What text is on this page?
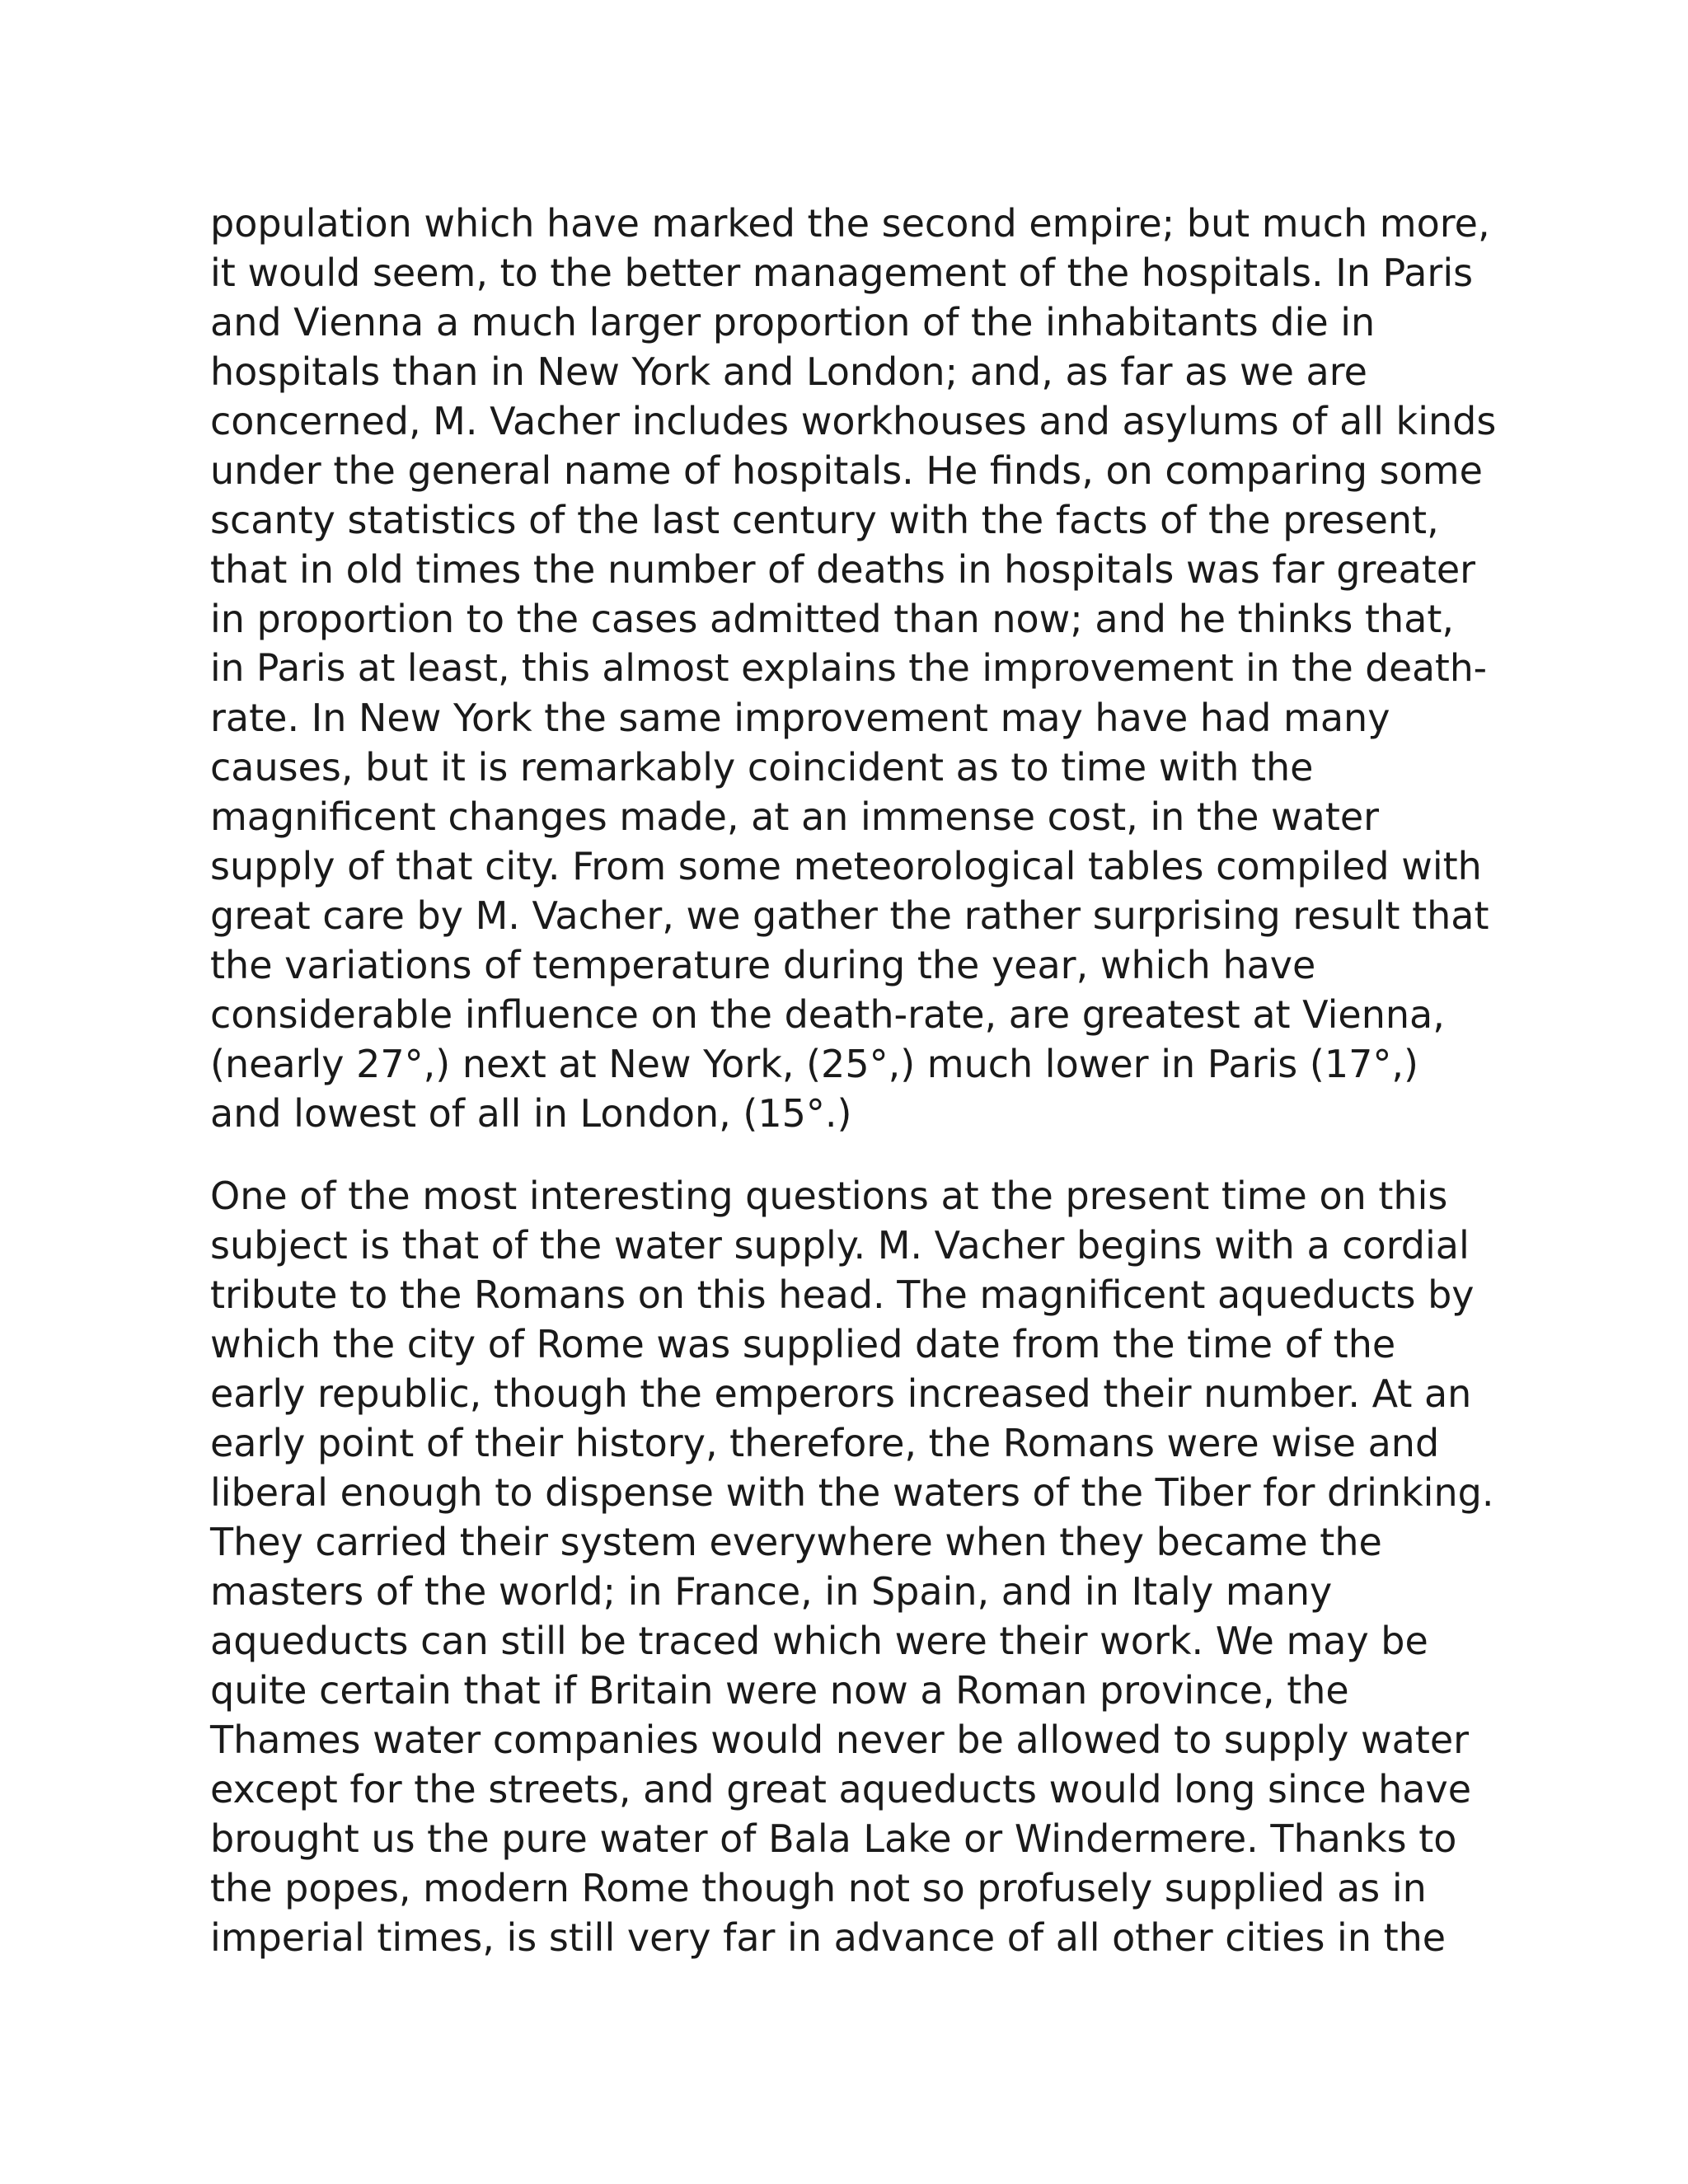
population which have marked the second empire; but much more,
it would seem, to the better management of the hospitals. In Paris
and Vienna a much larger proportion of the inhabitants die in
hospitals than in New York and London; and, as far as we are
concerned, M. Vacher includes workhouses and asylums of all kinds
under the general name of hospitals. He finds, on comparing some
scanty statistics of the last century with the facts of the present,
that in old times the number of deaths in hospitals was far greater
in proportion to the cases admitted than now; and he thinks that,
in Paris at least, this almost explains the improvement in the death-
rate. In New York the same improvement may have had many
causes, but it is remarkably coincident as to time with the
magnificent changes made, at an immense cost, in the water
supply of that city. From some meteorological tables compiled with
great care by M. Vacher, we gather the rather surprising result that
the variations of temperature during the year, which have
considerable influence on the death-rate, are greatest at Vienna,
(nearly 27°,) next at New York, (25°,) much lower in Paris (17°,)
and lowest of all in London, (15°.)
One of the most interesting questions at the present time on this
subject is that of the water supply. M. Vacher begins with a cordial
tribute to the Romans on this head. The magnificent aqueducts by
which the city of Rome was supplied date from the time of the
early republic, though the emperors increased their number. At an
early point of their history, therefore, the Romans were wise and
liberal enough to dispense with the waters of the Tiber for drinking.
They carried their system everywhere when they became the
masters of the world; in France, in Spain, and in Italy many
aqueducts can still be traced which were their work. We may be
quite certain that if Britain were now a Roman province, the
Thames water companies would never be allowed to supply water
except for the streets, and great aqueducts would long since have
brought us the pure water of Bala Lake or Windermere. Thanks to
the popes, modern Rome though not so profusely supplied as in
imperial times, is still very far in advance of all other cities in the
